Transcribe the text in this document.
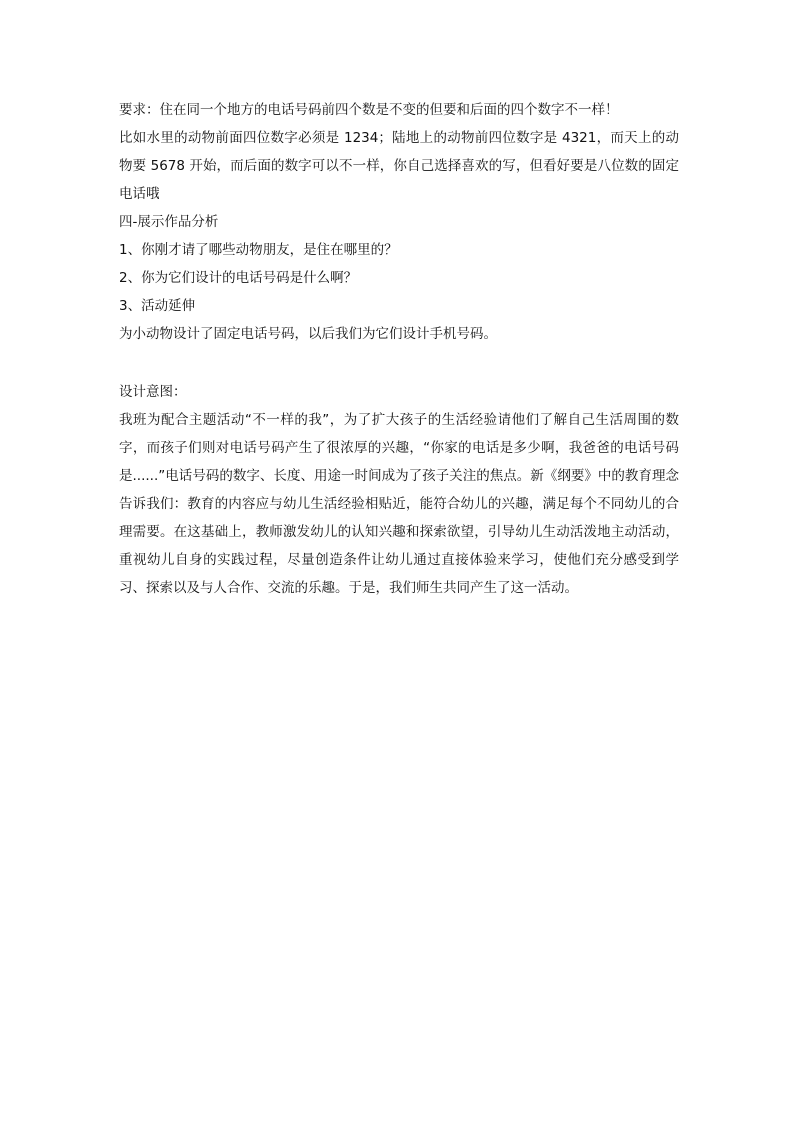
要求：住在同一个地方的电话号码前四个数是不变的但要和后面的四个数字不一样！

比如水里的动物前面四位数字必须是 1234；陆地上的动物前四位数字是 4321，而天上的动物要 5678 开始，而后面的数字可以不一样，你自己选择喜欢的写，但看好要是八位数的固定电话哦

四-展示作品分析

1、你刚才请了哪些动物朋友，是住在哪里的？

2、你为它们设计的电话号码是什么啊？

3、活动延伸

为小动物设计了固定电话号码，以后我们为它们设计手机号码。

设计意图：

我班为配合主题活动“不一样的我”，为了扩大孩子的生活经验请他们了解自己生活周围的数字，而孩子们则对电话号码产生了很浓厚的兴趣，“你家的电话是多少啊，我爸爸的电话号码是......”电话号码的数字、长度、用途一时间成为了孩子关注的焦点。新《纲要》中的教育理念告诉我们：教育的内容应与幼儿生活经验相贴近，能符合幼儿的兴趣，满足每个不同幼儿的合理需要。在这基础上，教师激发幼儿的认知兴趣和探索欲望，引导幼儿生动活泼地主动活动，重视幼儿自身的实践过程，尽量创造条件让幼儿通过直接体验来学习，使他们充分感受到学习、探索以及与人合作、交流的乐趣。于是，我们师生共同产生了这一活动。
